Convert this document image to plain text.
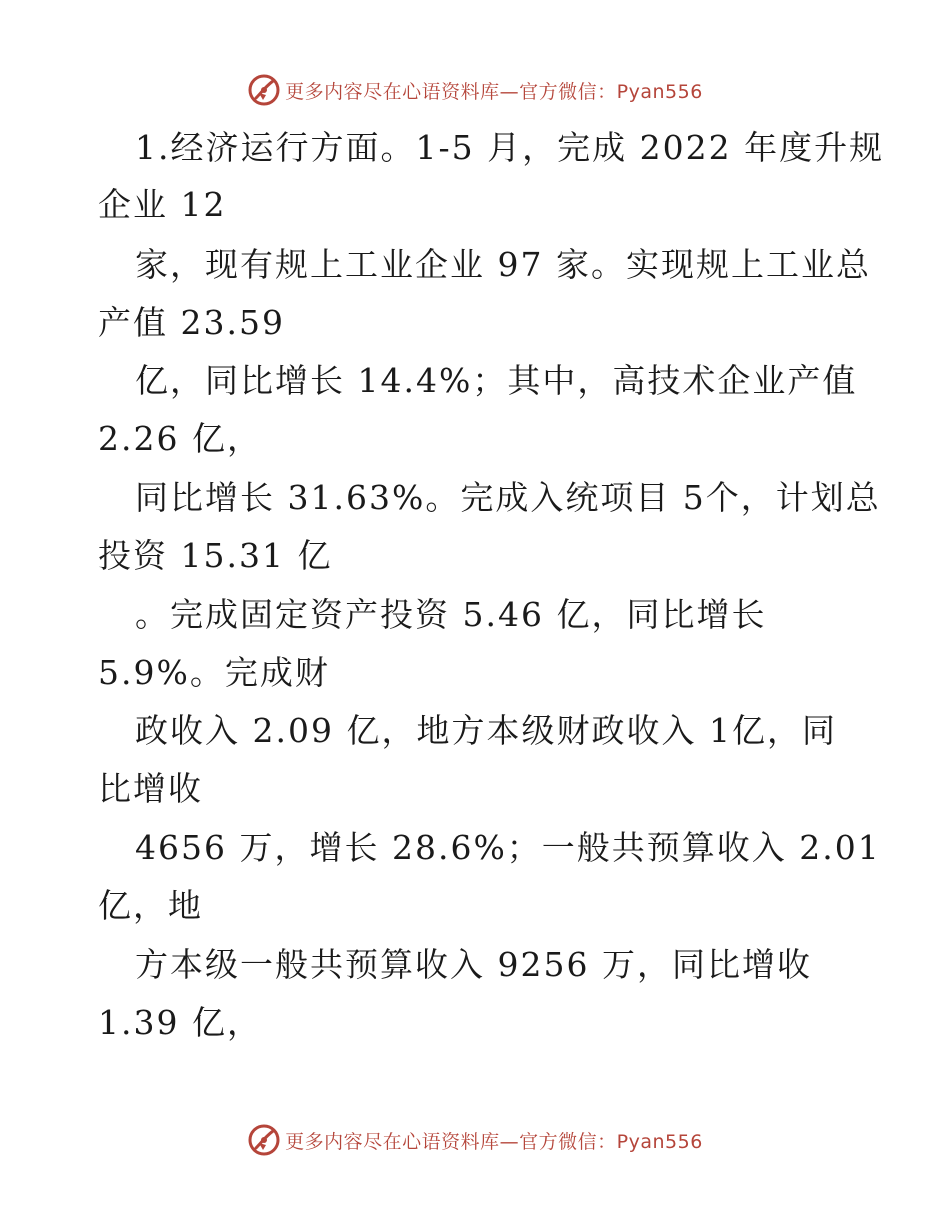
更多内容尽在心语资料库—官方微信：Pyan556
1.经济运行方面。1-5 月，完成 2022 年度升规
企业 12
家，现有规上工业企业 97 家。实现规上工业总
产值 23.59
亿，同比增长 14.4%；其中，高技术企业产值
2.26 亿，
同比增长 31.63%。完成入统项目 5个，计划总
投资 15.31 亿
。完成固定资产投资 5.46 亿，同比增长
5.9%。完成财
政收入 2.09 亿，地方本级财政收入 1亿，同
比增收
4656 万，增长 28.6%；一般共预算收入 2.01
亿，地
方本级一般共预算收入 9256 万，同比增收
1.39 亿，
更多内容尽在心语资料库—官方微信：Pyan556
